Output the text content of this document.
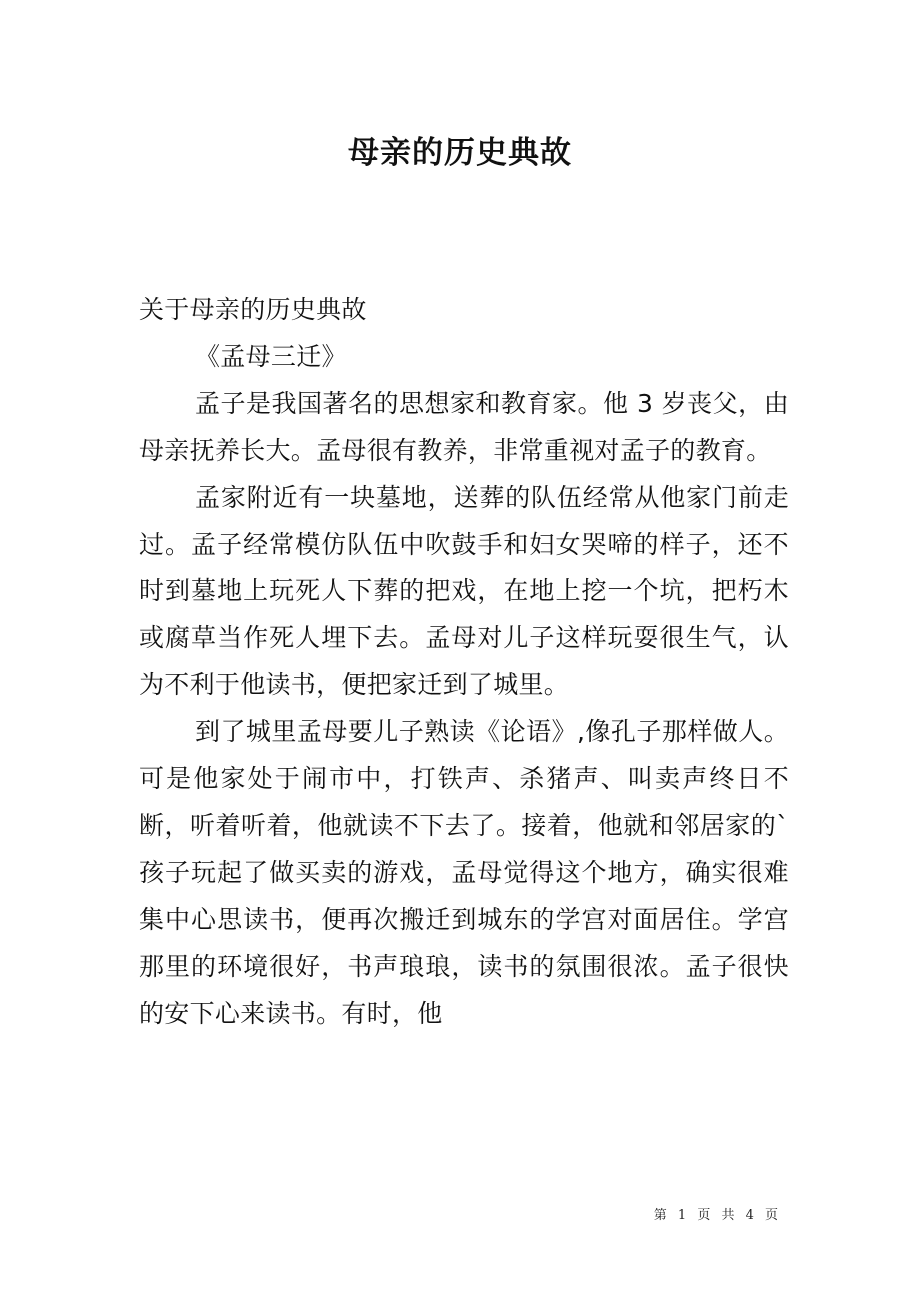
母亲的历史典故

关于母亲的历史典故

《孟母三迁》

孟子是我国著名的思想家和教育家。他 3 岁丧父，由母亲抚养长大。孟母很有教养，非常重视对孟子的教育。

孟家附近有一块墓地，送葬的队伍经常从他家门前走过。孟子经常模仿队伍中吹鼓手和妇女哭啼的样子，还不时到墓地上玩死人下葬的把戏，在地上挖一个坑，把朽木或腐草当作死人埋下去。孟母对儿子这样玩耍很生气，认为不利于他读书，便把家迁到了城里。

到了城里孟母要儿子熟读《论语》,像孔子那样做人。可是他家处于闹市中，打铁声、杀猪声、叫卖声终日不断，听着听着，他就读不下去了。接着，他就和邻居家的`孩子玩起了做买卖的游戏，孟母觉得这个地方，确实很难集中心思读书，便再次搬迁到城东的学宫对面居住。学宫那里的环境很好，书声琅琅，读书的氛围很浓。孟子很快的安下心来读书。有时，他

第 1 页 共 4 页
